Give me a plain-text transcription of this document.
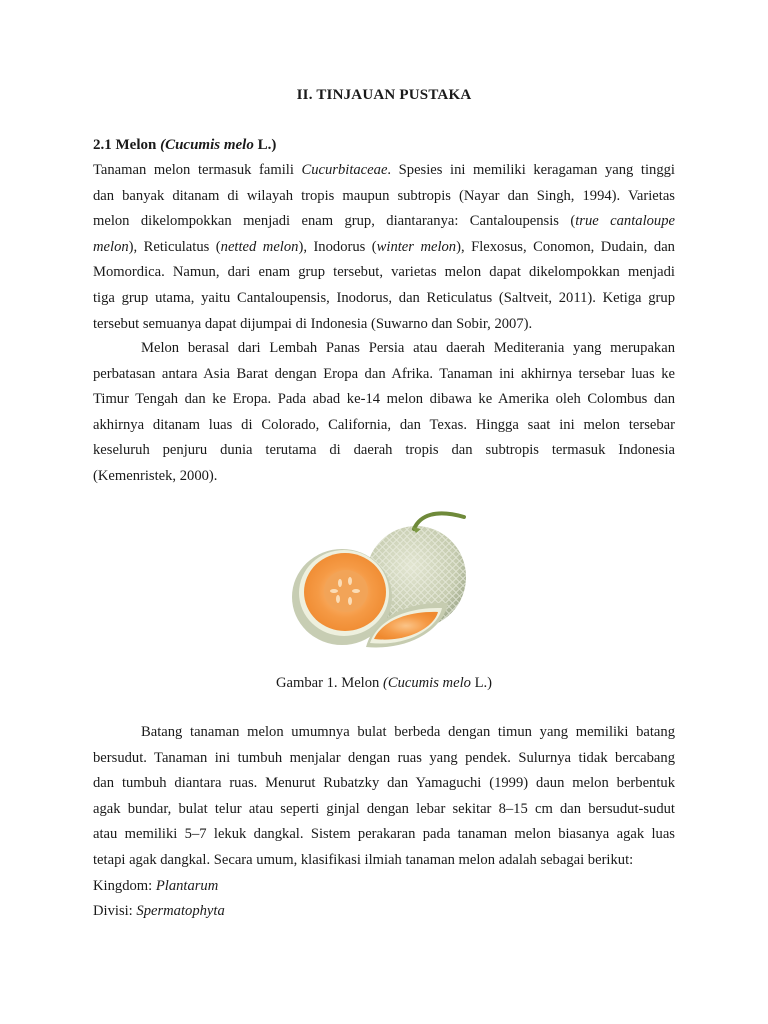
II. TINJAUAN PUSTAKA
2.1 Melon (Cucumis melo L.)
Tanaman melon termasuk famili Cucurbitaceae. Spesies ini memiliki keragaman yang tinggi
dan banyak ditanam di wilayah tropis maupun subtropis (Nayar dan Singh, 1994). Varietas
melon dikelompokkan menjadi enam grup, diantaranya: Cantaloupensis (true cantaloupe
melon), Reticulatus (netted melon), Inodorus (winter melon), Flexosus, Conomon, Dudain, dan
Momordica. Namun, dari enam grup tersebut, varietas melon dapat dikelompokkan menjadi
tiga grup utama, yaitu Cantaloupensis, Inodorus, dan Reticulatus (Saltveit, 2011). Ketiga grup
tersebut semuanya dapat dijumpai di Indonesia (Suwarno dan Sobir, 2007).
Melon berasal dari Lembah Panas Persia atau daerah Mediterania yang merupakan
perbatasan antara Asia Barat dengan Eropa dan Afrika. Tanaman ini akhirnya tersebar luas ke
Timur Tengah dan ke Eropa. Pada abad ke-14 melon dibawa ke Amerika oleh Colombus dan
akhirnya ditanam luas di Colorado, California, dan Texas. Hingga saat ini melon tersebar
keseluruh penjuru dunia terutama di daerah tropis dan subtropis termasuk Indonesia
(Kemenristek, 2000).
Gambar 1. Melon (Cucumis melo L.)
Batang tanaman melon umumnya bulat berbeda dengan timun yang memiliki batang
bersudut. Tanaman ini tumbuh menjalar dengan ruas yang pendek. Sulurnya tidak bercabang
dan tumbuh diantara ruas. Menurut Rubatzky dan Yamaguchi (1999) daun melon berbentuk
agak bundar, bulat telur atau seperti ginjal dengan lebar sekitar 8–15 cm dan bersudut-sudut
atau memiliki 5–7 lekuk dangkal. Sistem perakaran pada tanaman melon biasanya agak luas
tetapi agak dangkal. Secara umum, klasifikasi ilmiah tanaman melon adalah sebagai berikut:
Kingdom: Plantarum
Divisi: Spermatophyta
